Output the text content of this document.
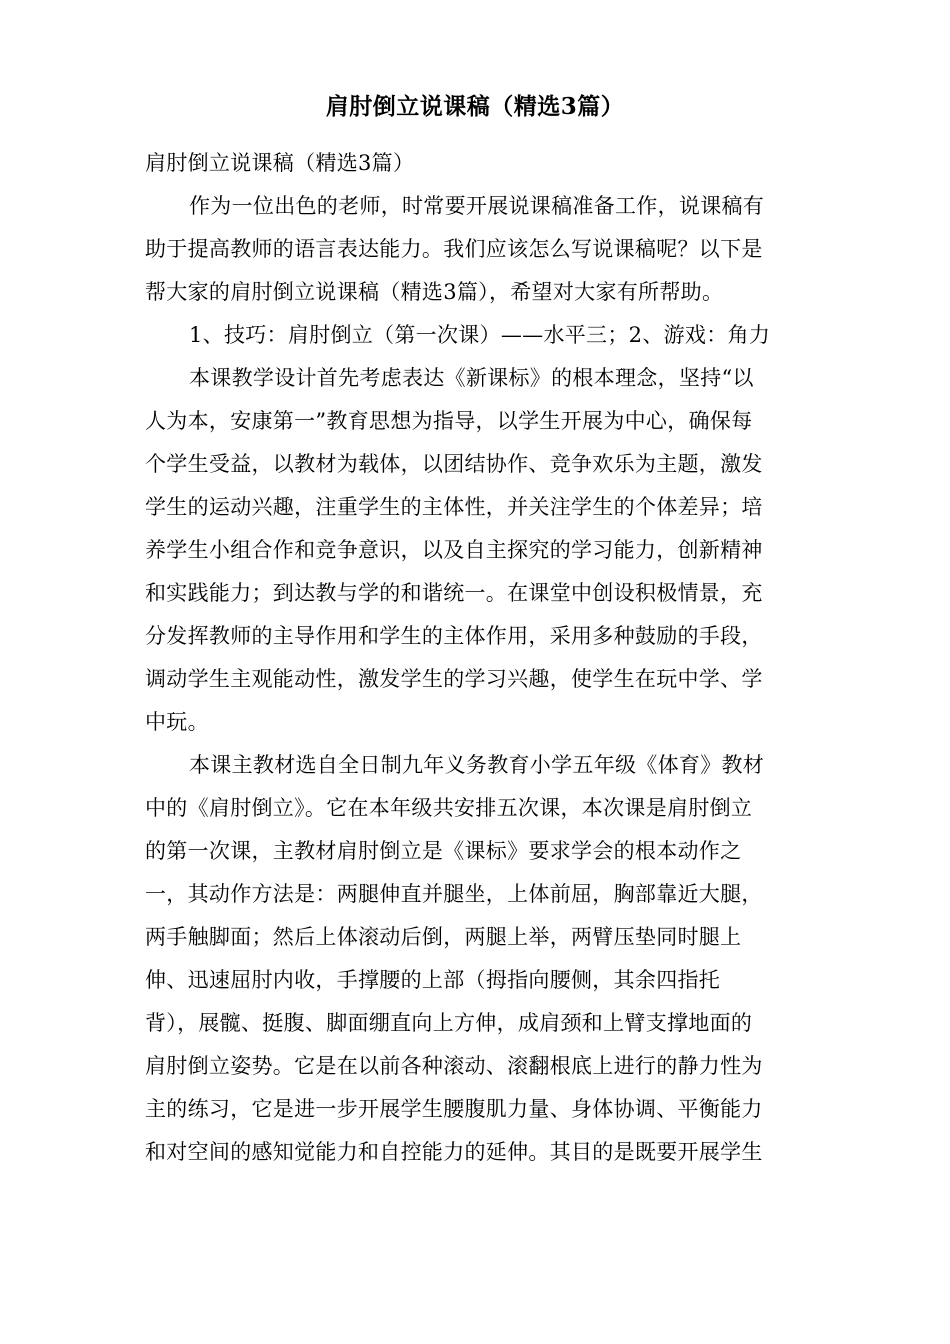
肩肘倒立说课稿（精选3篇）
肩肘倒立说课稿（精选3篇）
作为一位出色的老师，时常要开展说课稿准备工作，说课稿有
助于提高教师的语言表达能力。我们应该怎么写说课稿呢？以下是
帮大家的肩肘倒立说课稿（精选3篇），希望对大家有所帮助。
1、技巧：肩肘倒立（第一次课）——水平三；2、游戏：角力
本课教学设计首先考虑表达《新课标》的根本理念，坚持“以
人为本，安康第一”教育思想为指导，以学生开展为中心，确保每
个学生受益，以教材为载体，以团结协作、竞争欢乐为主题，激发
学生的运动兴趣，注重学生的主体性，并关注学生的个体差异；培
养学生小组合作和竞争意识，以及自主探究的学习能力，创新精神
和实践能力；到达教与学的和谐统一。在课堂中创设积极情景，充
分发挥教师的主导作用和学生的主体作用，采用多种鼓励的手段，
调动学生主观能动性，激发学生的学习兴趣，使学生在玩中学、学
中玩。
本课主教材选自全日制九年义务教育小学五年级《体育》教材
中的《肩肘倒立》。它在本年级共安排五次课，本次课是肩肘倒立
的第一次课，主教材肩肘倒立是《课标》要求学会的根本动作之
一，其动作方法是：两腿伸直并腿坐，上体前屈，胸部靠近大腿，
两手触脚面；然后上体滚动后倒，两腿上举，两臂压垫同时腿上
伸、迅速屈肘内收，手撑腰的上部（拇指向腰侧，其余四指托
背），展髋、挺腹、脚面绷直向上方伸，成肩颈和上臂支撑地面的
肩肘倒立姿势。它是在以前各种滚动、滚翻根底上进行的静力性为
主的练习，它是进一步开展学生腰腹肌力量、身体协调、平衡能力
和对空间的感知觉能力和自控能力的延伸。其目的是既要开展学生
